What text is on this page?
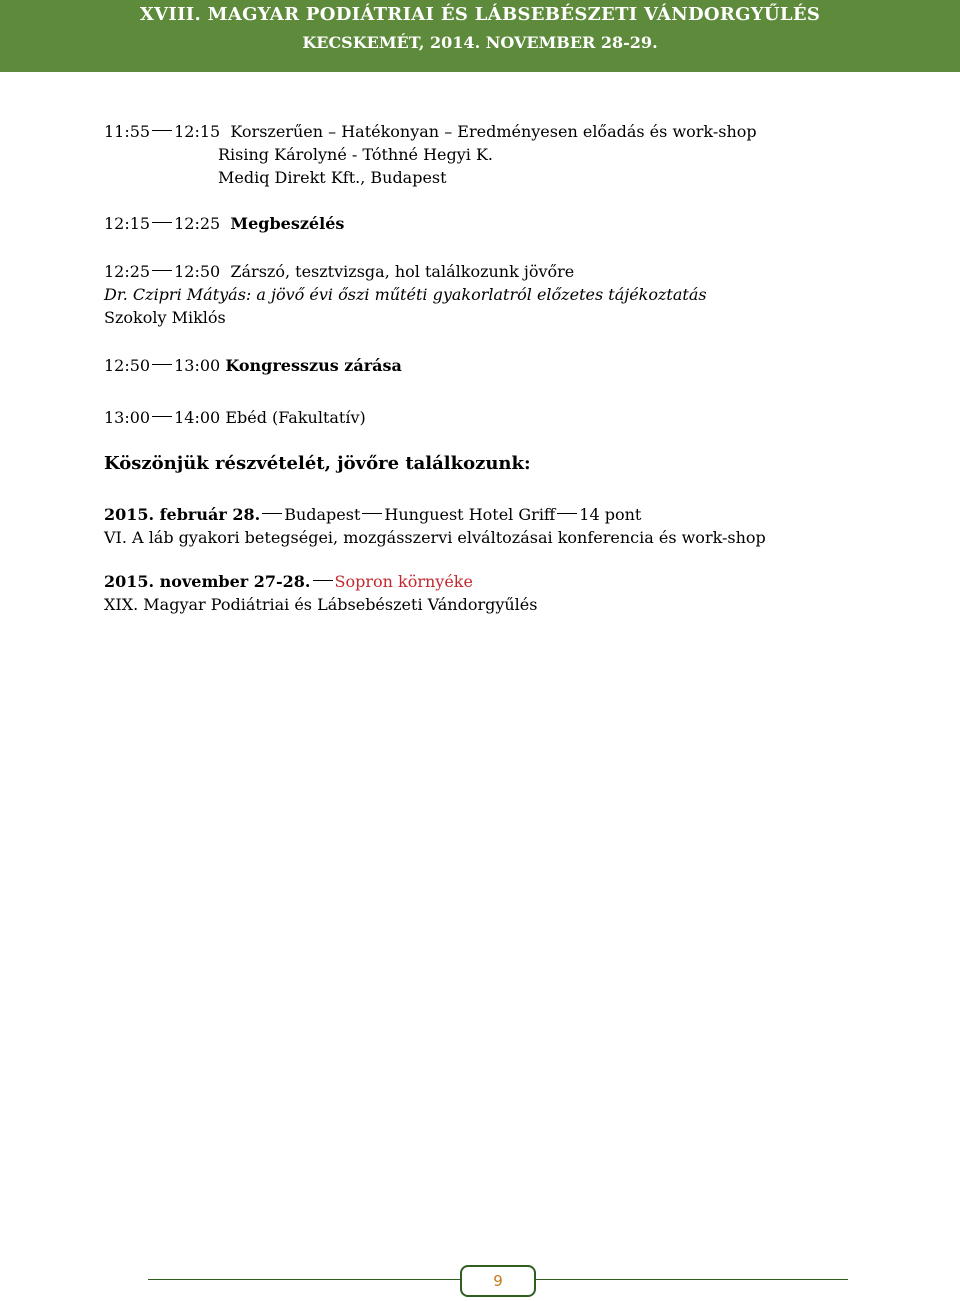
XVIII. MAGYAR PODIÁTRIAI ÉS LÁBSEBÉSZETI VÁNDORGYŰLÉS
KECSKEMÉT, 2014. NOVEMBER 28-29.
11:55 12:15 Korszerűen – Hatékonyan – Eredményesen előadás és work-shop
Rising Károlyné - Tóthné Hegyi K.
Mediq Direkt Kft., Budapest
12:15 12:25 Megbeszélés
12:25 12:50 Zárszó, tesztvizsga, hol találkozunk jövőre
Dr. Czipri Mátyás: a jövő évi őszi műtéti gyakorlatról előzetes tájékoztatás
Szokoly Miklós
12:50 13:00 Kongresszus zárása
13:00 14:00 Ebéd (Fakultatív)
Köszönjük részvételét, jövőre találkozunk:
2015. február 28. Budapest Hunguest Hotel Griff 14 pont
VI. A láb gyakori betegségei, mozgásszervi elváltozásai konferencia és work-shop
2015. november 27-28. Sopron környéke
XIX. Magyar Podiátriai és Lábsebészeti Vándorgyűlés
9
